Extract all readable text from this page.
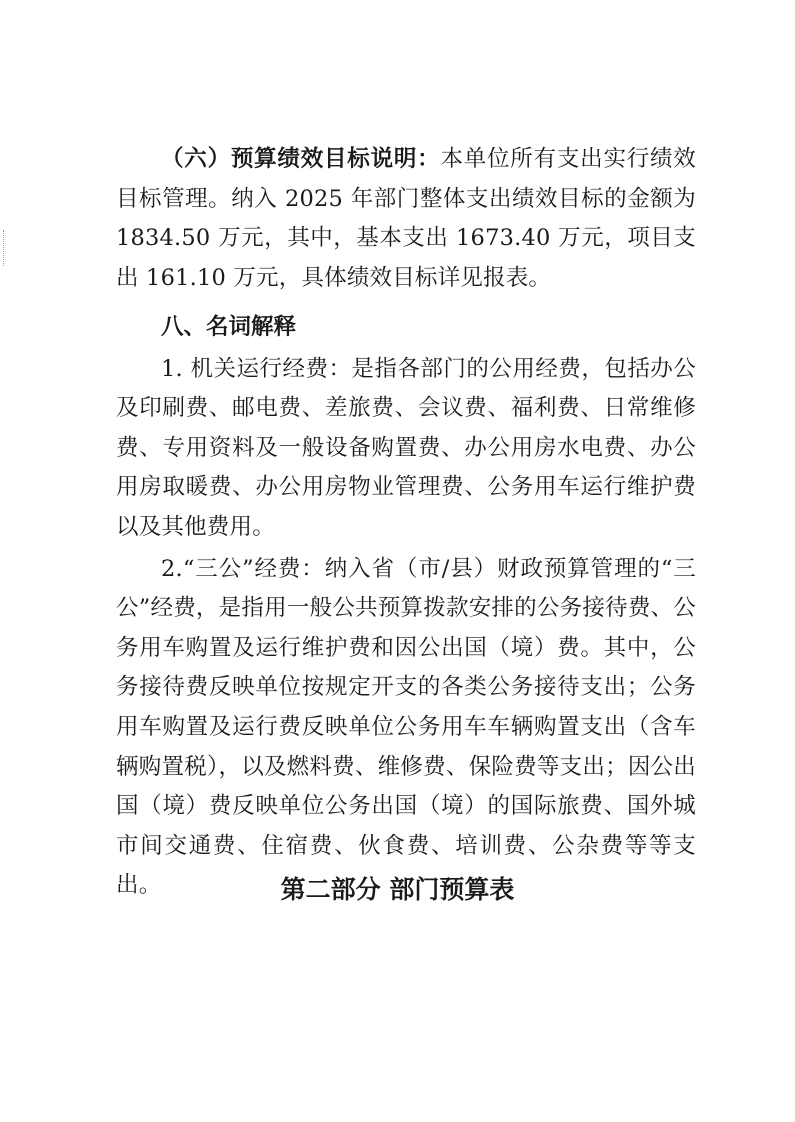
（六）预算绩效目标说明：本单位所有支出实行绩效目标管理。纳入 2025 年部门整体支出绩效目标的金额为 1834.50 万元，其中，基本支出 1673.40 万元，项目支出 161.10 万元，具体绩效目标详见报表。

八、名词解释

1. 机关运行经费：是指各部门的公用经费，包括办公及印刷费、邮电费、差旅费、会议费、福利费、日常维修费、专用资料及一般设备购置费、办公用房水电费、办公用房取暖费、办公用房物业管理费、公务用车运行维护费以及其他费用。

2.“三公”经费：纳入省（市/县）财政预算管理的“三公”经费，是指用一般公共预算拨款安排的公务接待费、公务用车购置及运行维护费和因公出国（境）费。其中，公务接待费反映单位按规定开支的各类公务接待支出；公务用车购置及运行费反映单位公务用车车辆购置支出（含车辆购置税），以及燃料费、维修费、保险费等支出；因公出国（境）费反映单位公务出国（境）的国际旅费、国外城市间交通费、住宿费、伙食费、培训费、公杂费等等支出。	第二部分 部门预算表
